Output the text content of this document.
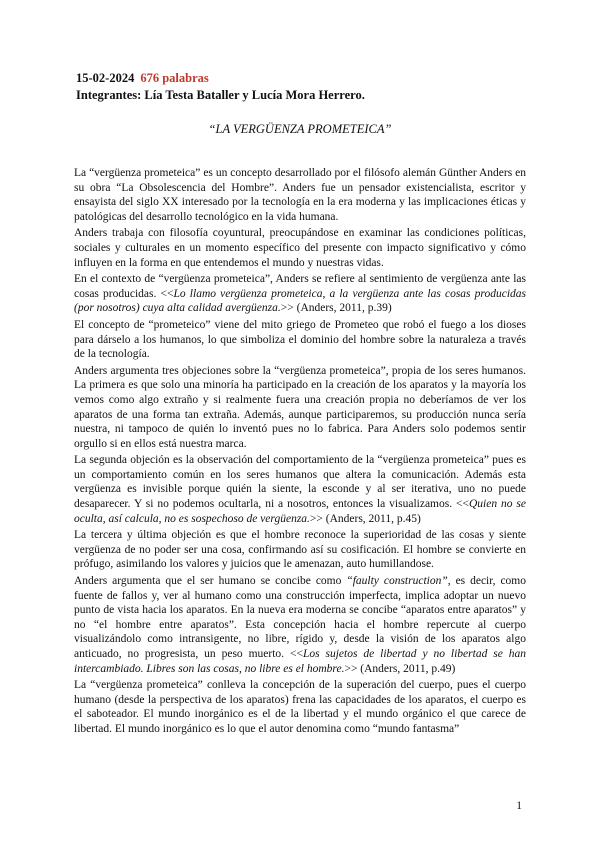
15-02-2024 676 palabras
Integrantes: Lía Testa Bataller y Lucía Mora Herrero.
“LA VERGÜENZA PROMETEICA”

La “vergüenza prometeica” es un concepto desarrollado por el filósofo alemán Günther Anders en su obra “La Obsolescencia del Hombre”. Anders fue un pensador existencialista, escritor y ensayista del siglo XX interesado por la tecnología en la era moderna y las implicaciones éticas y patológicas del desarrollo tecnológico en la vida humana.

Anders trabaja con filosofía coyuntural, preocupándose en examinar las condiciones políticas, sociales y culturales en un momento específico del presente con impacto significativo y cómo influyen en la forma en que entendemos el mundo y nuestras vidas.

En el contexto de “vergüenza prometeica”, Anders se refiere al sentimiento de vergüenza ante las cosas producidas. <<Lo llamo vergüenza prometeica, a la vergüenza ante las cosas producidas (por nosotros) cuya alta calidad avergüenza.>> (Anders, 2011, p.39)

El concepto de “prometeico” viene del mito griego de Prometeo que robó el fuego a los dioses para dárselo a los humanos, lo que simboliza el dominio del hombre sobre la naturaleza a través de la tecnología.

Anders argumenta tres objeciones sobre la “vergüenza prometeica”, propia de los seres humanos. La primera es que solo una minoría ha participado en la creación de los aparatos y la mayoría los vemos como algo extraño y si realmente fuera una creación propia no deberíamos de ver los aparatos de una forma tan extraña. Además, aunque participaremos, su producción nunca sería nuestra, ni tampoco de quién lo inventó pues no lo fabrica. Para Anders solo podemos sentir orgullo si en ellos está nuestra marca.

La segunda objeción es la observación del comportamiento de la “vergüenza prometeica” pues es un comportamiento común en los seres humanos que altera la comunicación. Además esta vergüenza es invisible porque quién la siente, la esconde y al ser iterativa, uno no puede desaparecer. Y si no podemos ocultarla, ni a nosotros, entonces la visualizamos. <<Quien no se oculta, así calcula, no es sospechoso de vergüenza.>> (Anders, 2011, p.45)

La tercera y última objeción es que el hombre reconoce la superioridad de las cosas y siente vergüenza de no poder ser una cosa, confirmando así su cosificación. El hombre se convierte en prófugo, asimilando los valores y juicios que le amenazan, auto humillandose.

Anders argumenta que el ser humano se concibe como “faulty construction”, es decir, como fuente de fallos y, ver al humano como una construcción imperfecta, implica adoptar un nuevo punto de vista hacia los aparatos. En la nueva era moderna se concibe “aparatos entre aparatos” y no “el hombre entre aparatos”. Esta concepción hacia el hombre repercute al cuerpo visualizándolo como intransigente, no libre, rígido y, desde la visión de los aparatos algo anticuado, no progresista, un peso muerto. <<Los sujetos de libertad y no libertad se han intercambiado. Libres son las cosas, no libre es el hombre.>> (Anders, 2011, p.49)

La “vergüenza prometeica” conlleva la concepción de la superación del cuerpo, pues el cuerpo humano (desde la perspectiva de los aparatos) frena las capacidades de los aparatos, el cuerpo es el saboteador. El mundo inorgánico es el de la libertad y el mundo orgánico el que carece de libertad. El mundo inorgánico es lo que el autor denomina como “mundo fantasma”

1
